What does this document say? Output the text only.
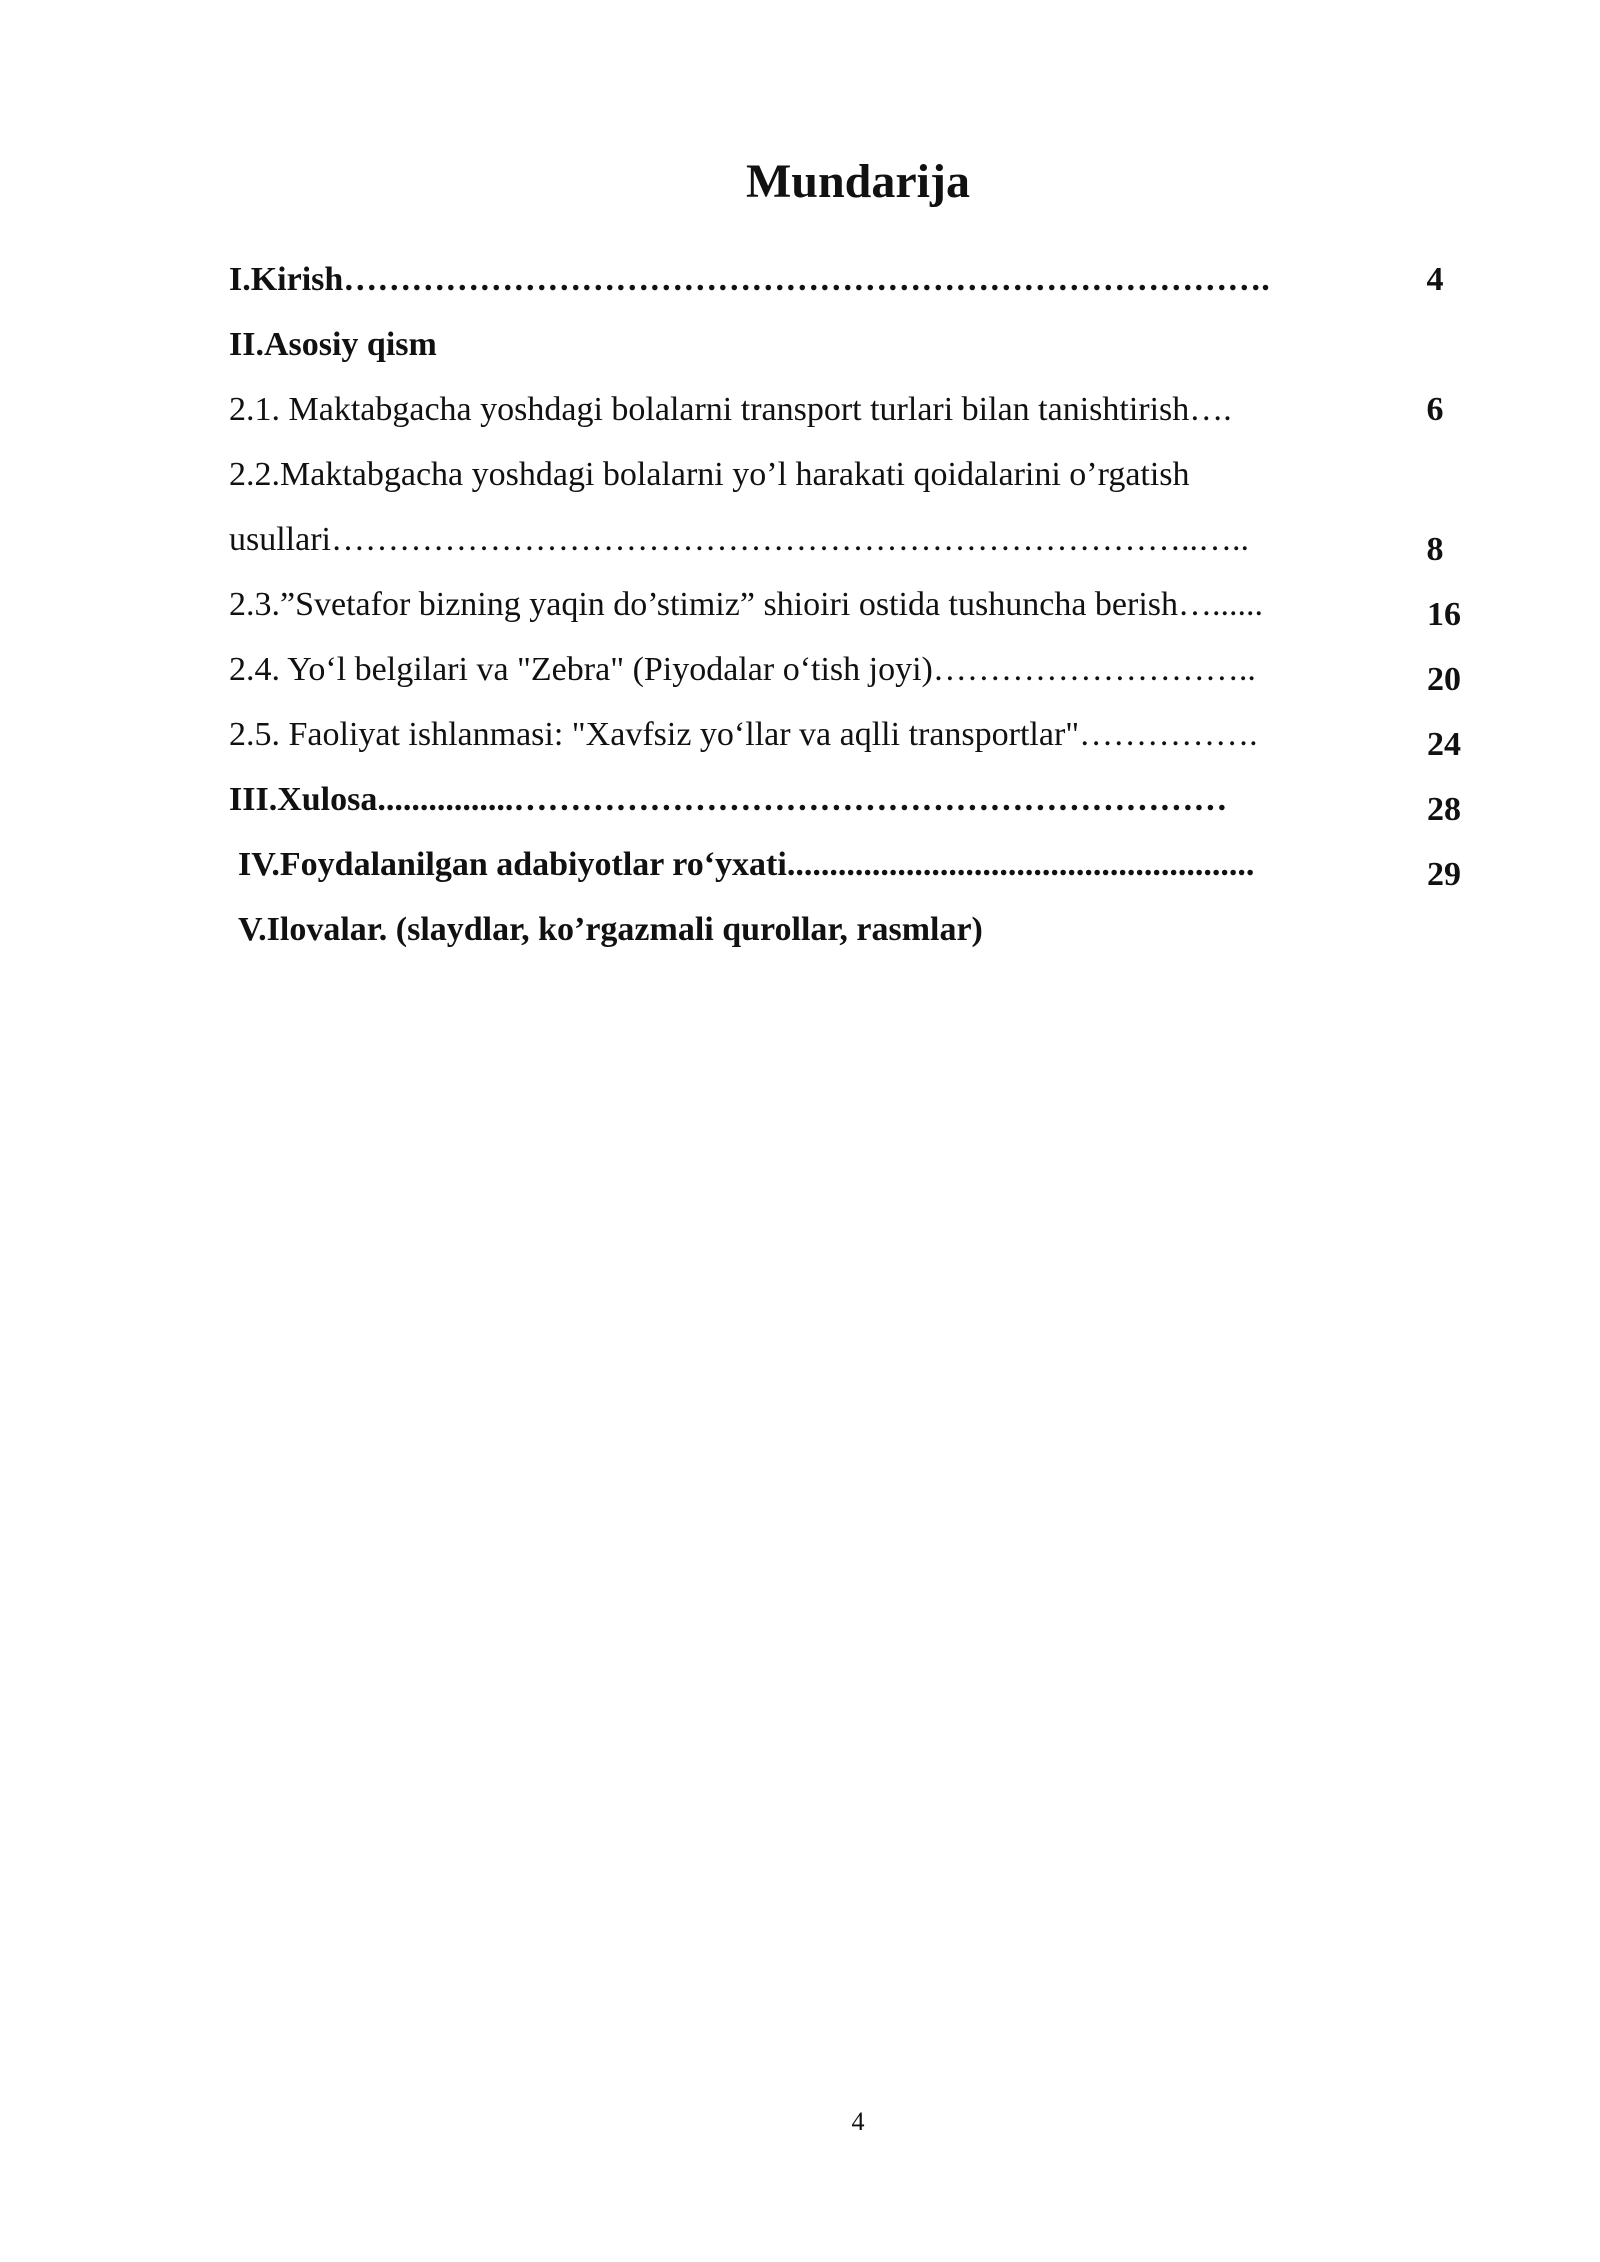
Mundarija
I.Kirish……………………………………………………………………….	4
II.Asosiy qism
2.1. Maktabgacha yoshdagi bolalarni transport turlari bilan tanishtirish….	6
2.2.Maktabgacha yoshdagi bolalarni yo’l harakati qoidalarini o’rgatish
usullari…………………………………………………………………..…..	8
2.3.”Svetafor bizning yaqin do’stimiz” shioiri ostida tushuncha berish…......	16
2.4. Yo‘l belgilari va "Zebra" (Piyodalar o‘tish joyi)………………………..	20
2.5. Faoliyat ishlanmasi: "Xavfsiz yo‘llar va aqlli transportlar"…………….	24
III.Xulosa................………………………………………………………	28
IV.Foydalanilgan adabiyotlar ro‘yxati.......................................................	29
V.Ilovalar. (slaydlar, ko’rgazmali qurollar, rasmlar)
4
